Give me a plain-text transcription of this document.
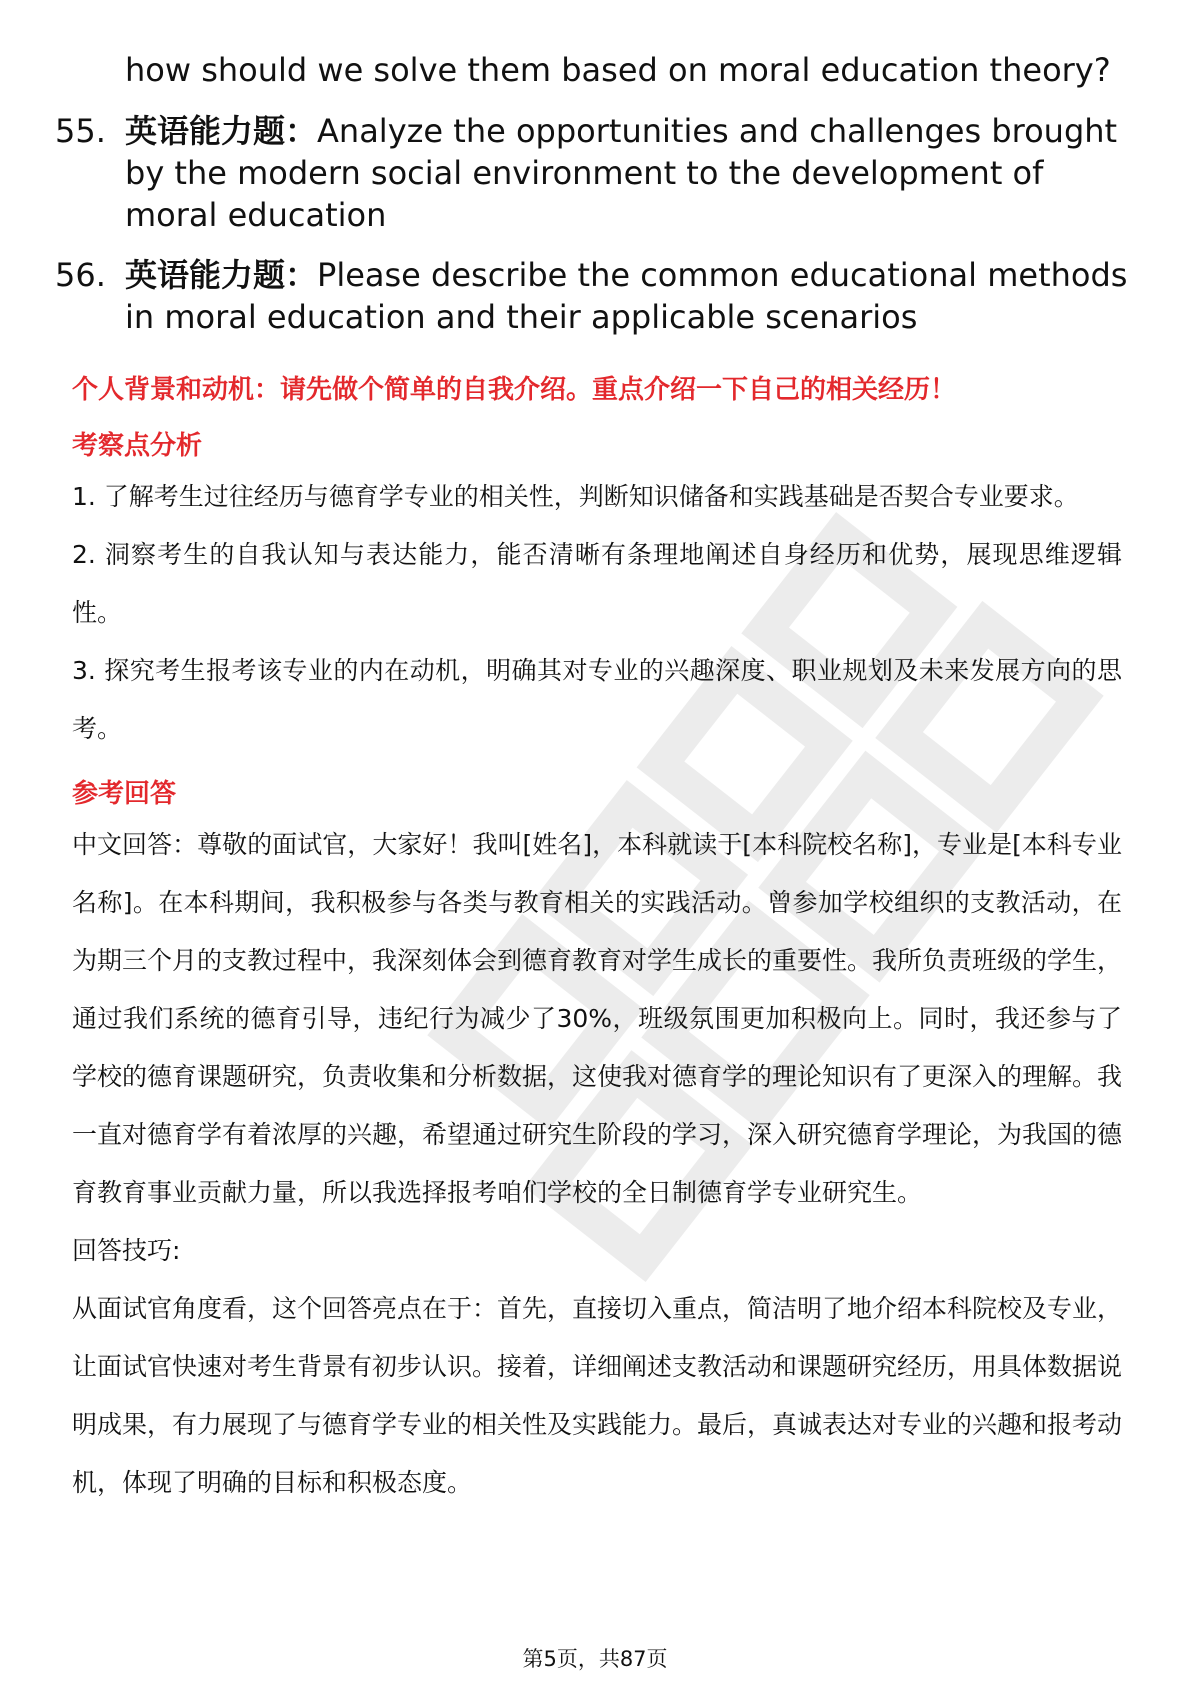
how should we solve them based on moral education theory?
55. 英语能力题：Analyze the opportunities and challenges brought by the modern social environment to the development of moral education
56. 英语能力题：Please describe the common educational methods in moral education and their applicable scenarios
个人背景和动机：请先做个简单的自我介绍。重点介绍一下自己的相关经历！
考察点分析
1. 了解考生过往经历与德育学专业的相关性，判断知识储备和实践基础是否契合专业要求。
2. 洞察考生的自我认知与表达能力，能否清晰有条理地阐述自身经历和优势，展现思维逻辑性。
3. 探究考生报考该专业的内在动机，明确其对专业的兴趣深度、职业规划及未来发展方向的思考。
参考回答
中文回答：尊敬的面试官，大家好！我叫[姓名]，本科就读于[本科院校名称]，专业是[本科专业名称]。在本科期间，我积极参与各类与教育相关的实践活动。曾参加学校组织的支教活动，在为期三个月的支教过程中，我深刻体会到德育教育对学生成长的重要性。我所负责班级的学生，通过我们系统的德育引导，违纪行为减少了30%，班级氛围更加积极向上。同时，我还参与了学校的德育课题研究，负责收集和分析数据，这使我对德育学的理论知识有了更深入的理解。我一直对德育学有着浓厚的兴趣，希望通过研究生阶段的学习，深入研究德育学理论，为我国的德育教育事业贡献力量，所以我选择报考咱们学校的全日制德育学专业研究生。
回答技巧:
从面试官角度看，这个回答亮点在于：首先，直接切入重点，简洁明了地介绍本科院校及专业，让面试官快速对考生背景有初步认识。接着，详细阐述支教活动和课题研究经历，用具体数据说明成果，有力展现了与德育学专业的相关性及实践能力。最后，真诚表达对专业的兴趣和报考动机，体现了明确的目标和积极态度。
第5页，共87页
